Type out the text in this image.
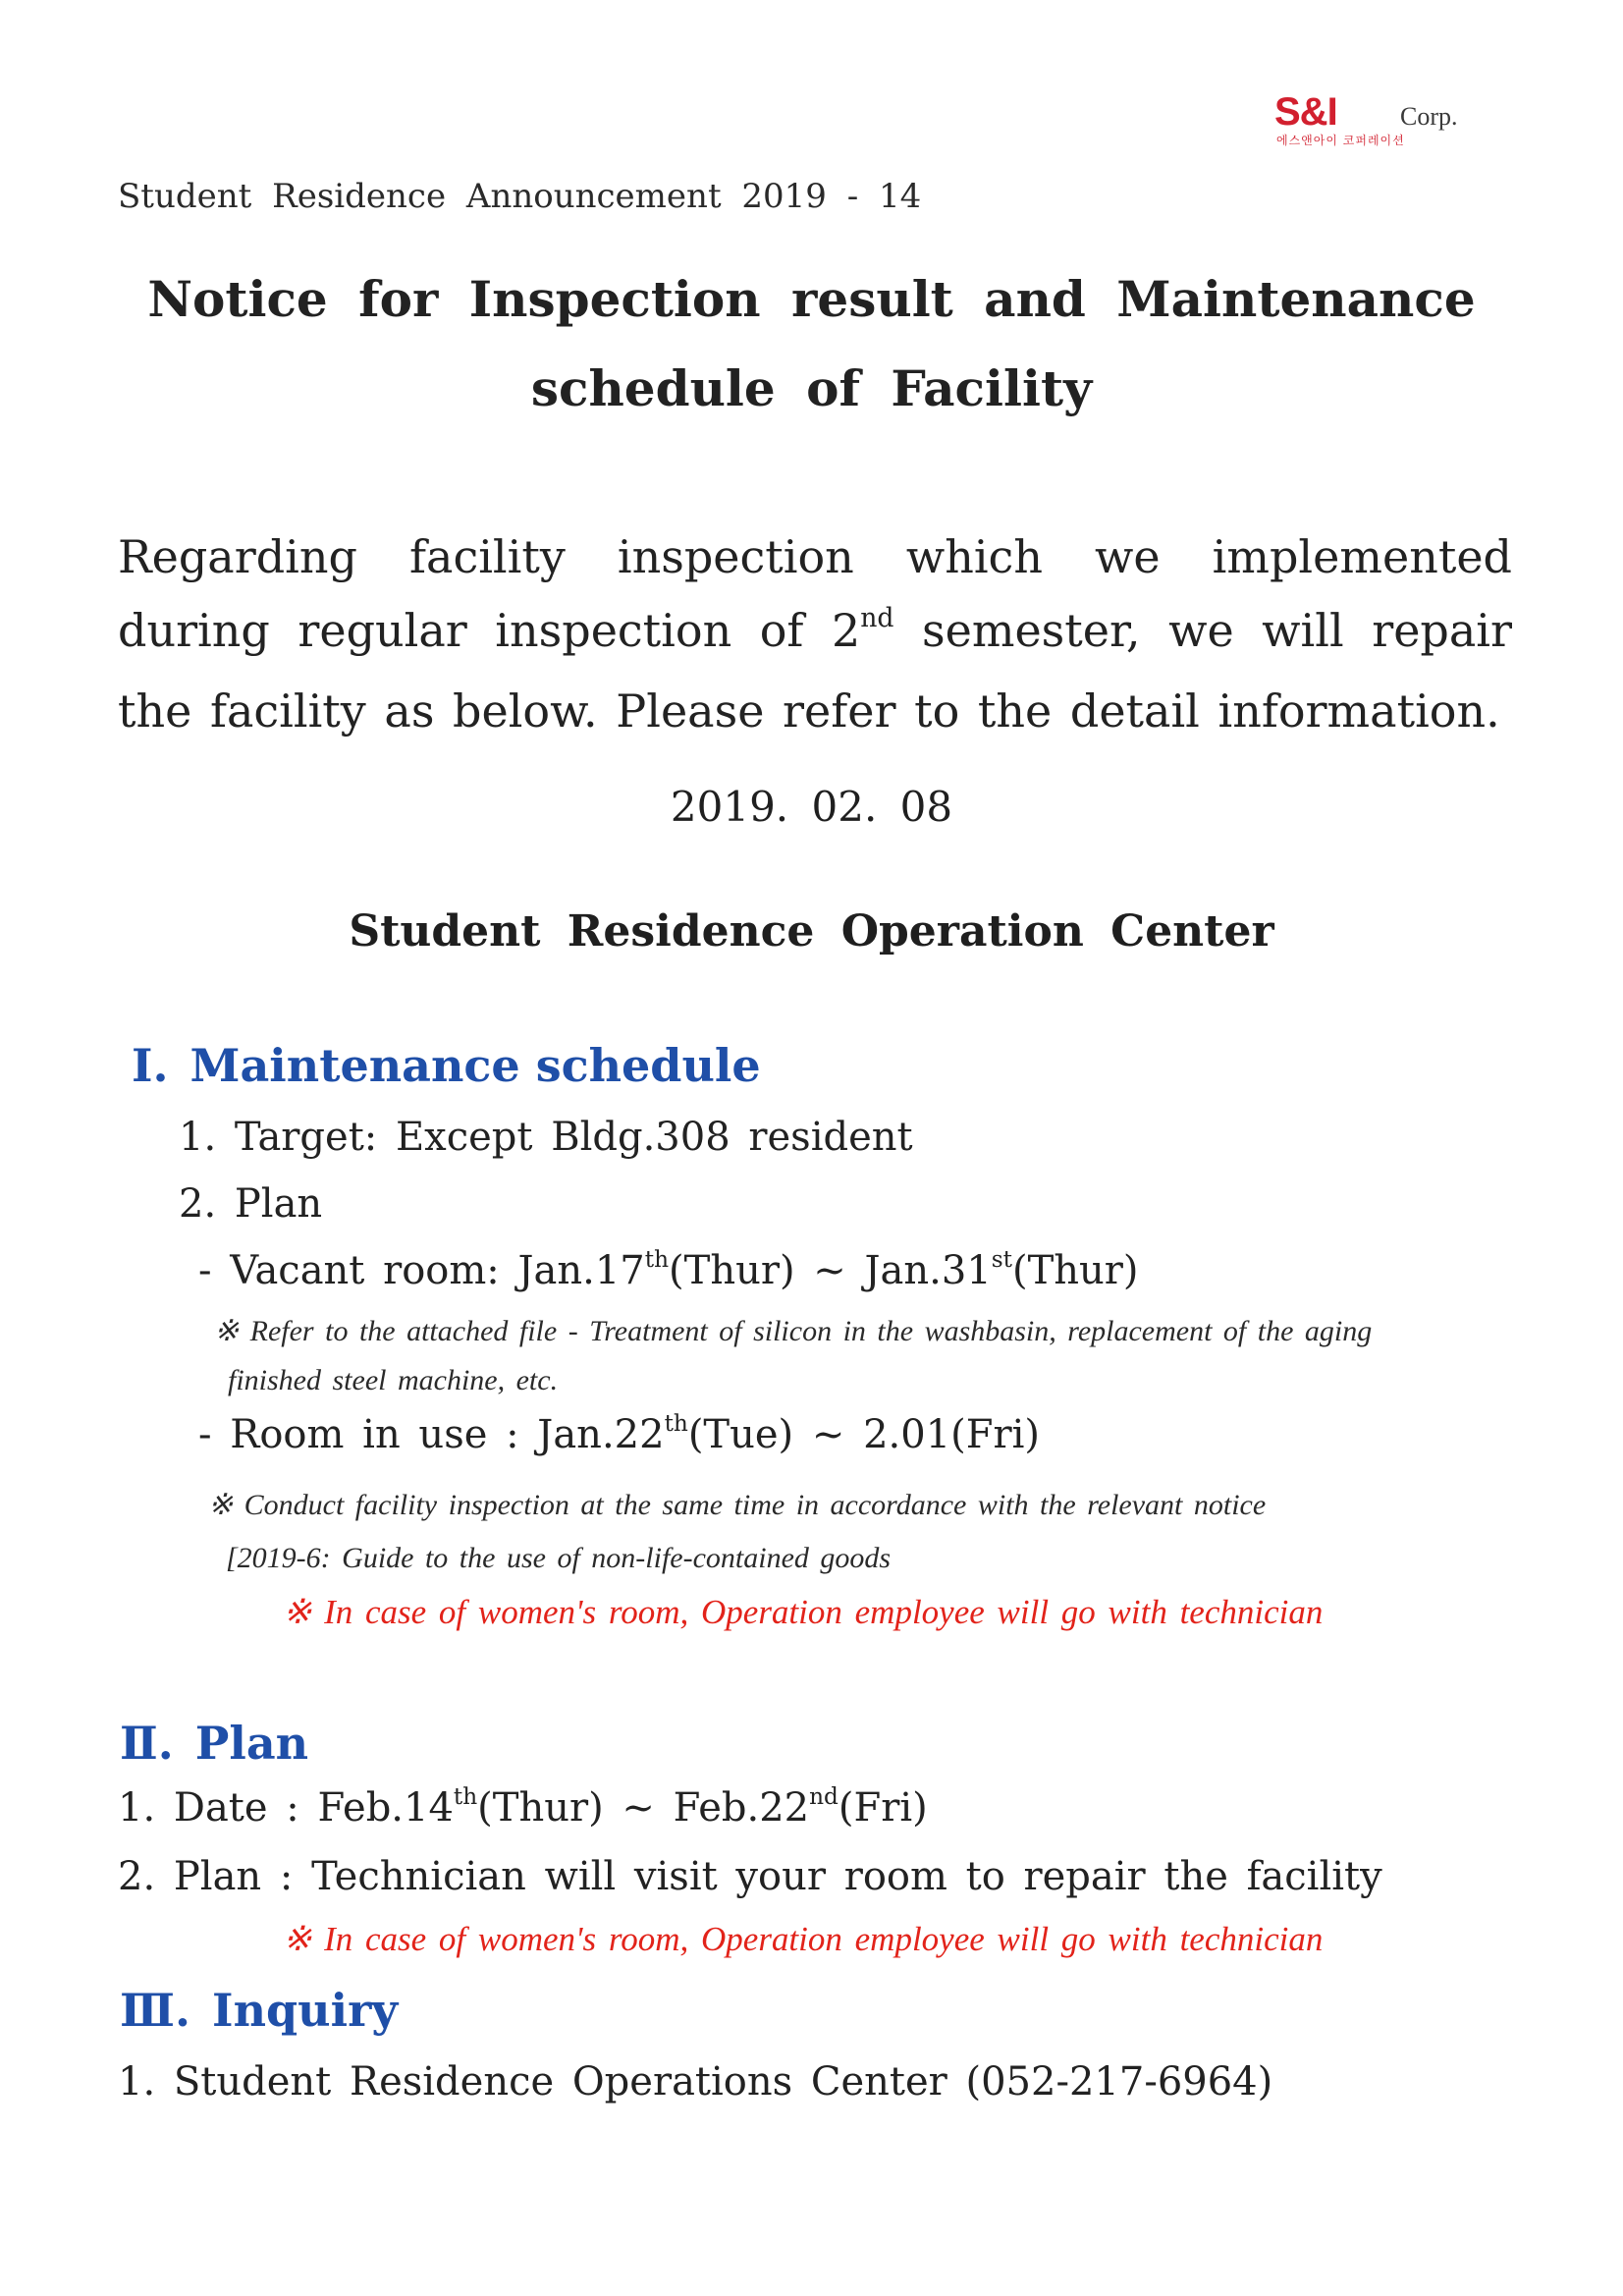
S&I Corp.
에스앤아이 코퍼레이션
Student Residence Announcement 2019 - 14
Notice for Inspection result and Maintenance
schedule of Facility
Regarding facility inspection which we implemented
during regular inspection of 2nd semester, we will repair
the facility as below. Please refer to the detail information.
2019. 02. 08
Student Residence Operation Center
Ⅰ. Maintenance schedule
1. Target: Except Bldg.308 resident
2. Plan
- Vacant room: Jan.17th(Thur) ~ Jan.31st(Thur)
※ Refer to the attached file - Treatment of silicon in the washbasin, replacement of the aging
finished steel machine, etc.
- Room in use : Jan.22th(Tue) ~ 2.01(Fri)
※ Conduct facility inspection at the same time in accordance with the relevant notice
[2019-6: Guide to the use of non-life-contained goods
※ In case of women's room, Operation employee will go with technician
Ⅱ. Plan
1. Date : Feb.14th(Thur) ~ Feb.22nd(Fri)
2. Plan : Technician will visit your room to repair the facility
※ In case of women's room, Operation employee will go with technician
Ⅲ. Inquiry
1. Student Residence Operations Center (052-217-6964)
